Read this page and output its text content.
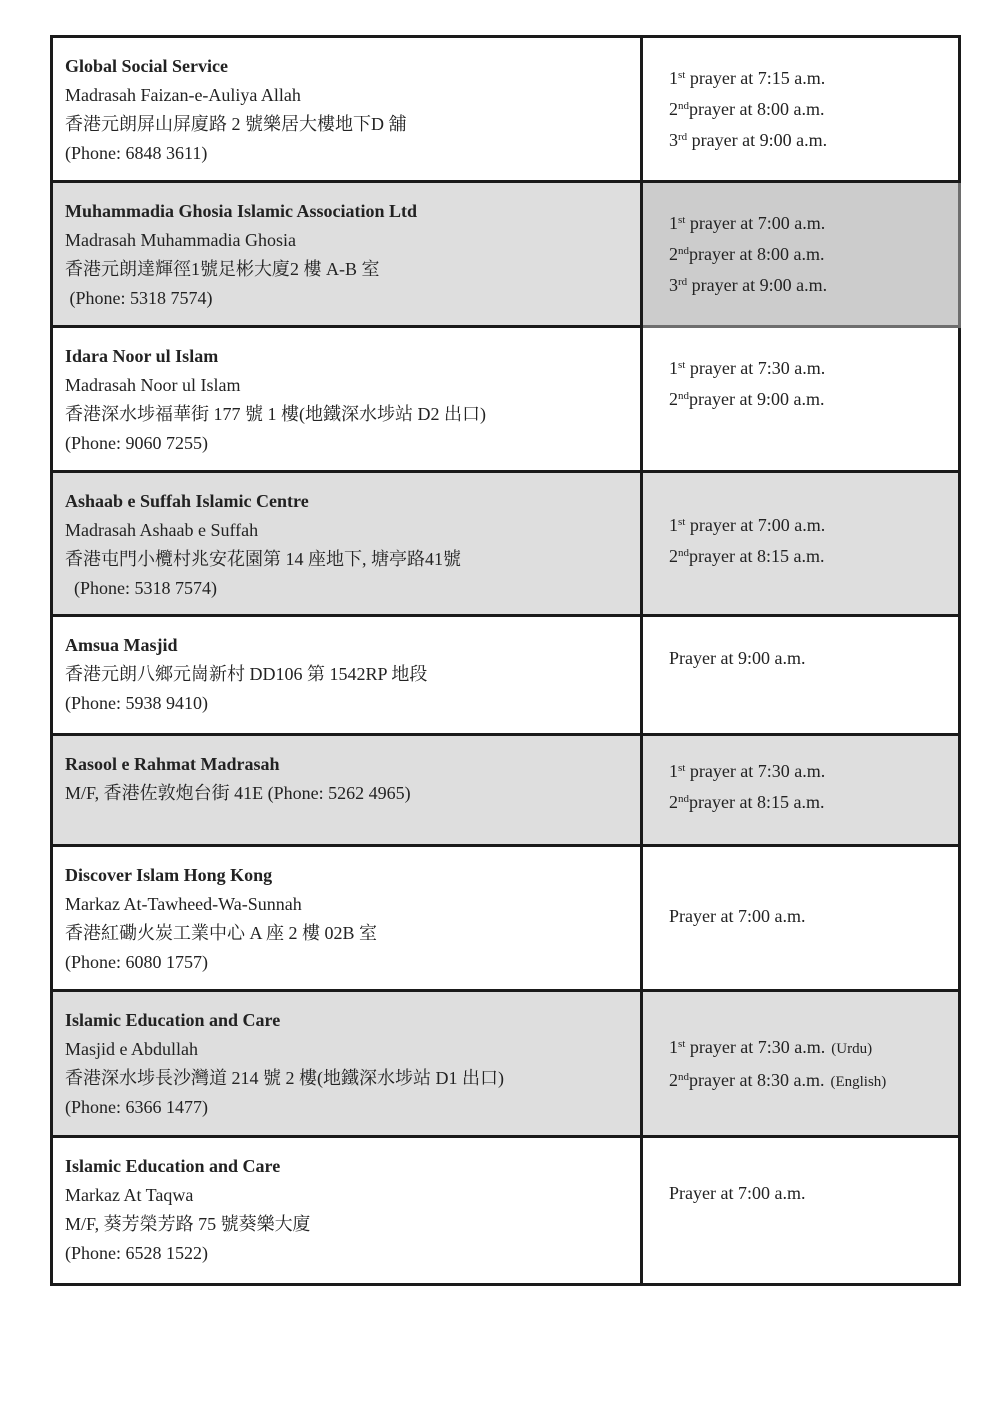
Global Social Service
Madrasah Faizan-e-Auliya Allah
香港元朗屏山屏廈路 2 號樂居大樓地下D 舖
(Phone: 6848 3611)	1st prayer at 7:15 a.m.
2ndprayer at 8:00 a.m.
3rd prayer at 9:00 a.m.

Muhammadia Ghosia Islamic Association Ltd
Madrasah Muhammadia Ghosia
香港元朗達輝徑1號足彬大廈2 樓 A-B 室
(Phone: 5318 7574)	1st prayer at 7:00 a.m.
2ndprayer at 8:00 a.m.
3rd prayer at 9:00 a.m.

Idara Noor ul Islam
Madrasah Noor ul Islam
香港深水埗福華街 177 號 1 樓(地鐵深水埗站 D2 出口)
(Phone: 9060 7255)	1st prayer at 7:30 a.m.
2ndprayer at 9:00 a.m.

Ashaab e Suffah Islamic Centre
Madrasah Ashaab e Suffah
香港屯門小欖村兆安花園第 14 座地下, 塘亭路41號
(Phone: 5318 7574)	1st prayer at 7:00 a.m.
2ndprayer at 8:15 a.m.

Amsua Masjid
香港元朗八鄉元崗新村 DD106 第 1542RP 地段
(Phone: 5938 9410)	Prayer at 9:00 a.m.

Rasool e Rahmat Madrasah
M/F, 香港佐敦炮台街 41E (Phone: 5262 4965)	1st prayer at 7:30 a.m.
2ndprayer at 8:15 a.m.

Discover Islam Hong Kong
Markaz At-Tawheed-Wa-Sunnah
香港紅磡火炭工業中心 A 座 2 樓 02B 室
(Phone: 6080 1757)	Prayer at 7:00 a.m.

Islamic Education and Care
Masjid e Abdullah
香港深水埗長沙灣道 214 號 2 樓(地鐵深水埗站 D1 出口)
(Phone: 6366 1477)	1st prayer at 7:30 a.m. (Urdu)
2ndprayer at 8:30 a.m. (English)

Islamic Education and Care
Markaz At Taqwa
M/F, 葵芳榮芳路 75 號葵樂大廈
(Phone: 6528 1522)	Prayer at 7:00 a.m.
